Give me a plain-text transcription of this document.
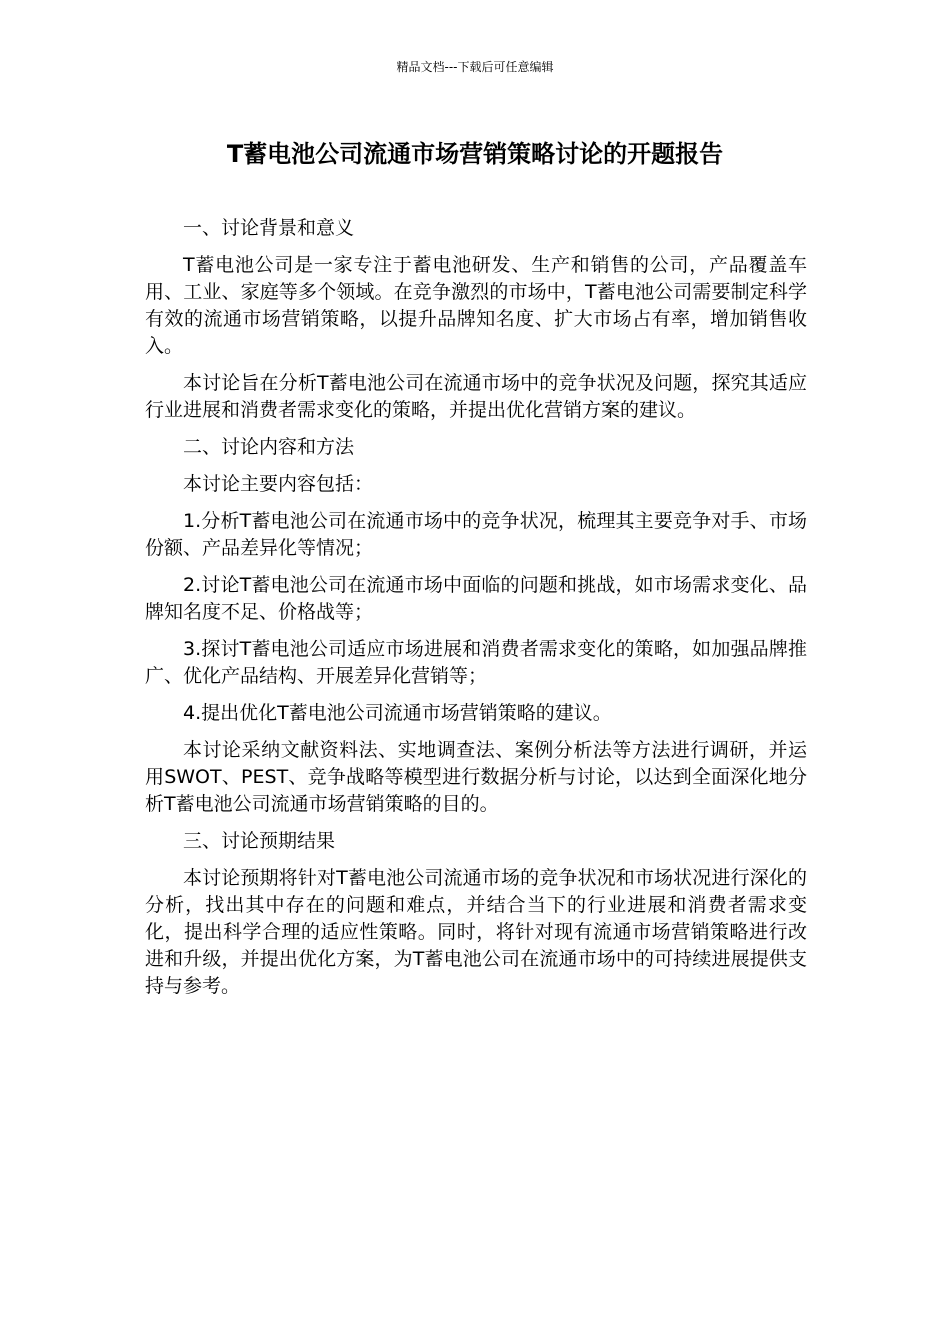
精品文档---下载后可任意编辑
T蓄电池公司流通市场营销策略讨论的开题报告

一、讨论背景和意义

T蓄电池公司是一家专注于蓄电池研发、生产和销售的公司，产品覆盖车用、工业、家庭等多个领域。在竞争激烈的市场中，T蓄电池公司需要制定科学有效的流通市场营销策略，以提升品牌知名度、扩大市场占有率，增加销售收入。

本讨论旨在分析T蓄电池公司在流通市场中的竞争状况及问题，探究其适应行业进展和消费者需求变化的策略，并提出优化营销方案的建议。

二、讨论内容和方法

本讨论主要内容包括：

1.分析T蓄电池公司在流通市场中的竞争状况，梳理其主要竞争对手、市场份额、产品差异化等情况；

2.讨论T蓄电池公司在流通市场中面临的问题和挑战，如市场需求变化、品牌知名度不足、价格战等；

3.探讨T蓄电池公司适应市场进展和消费者需求变化的策略，如加强品牌推广、优化产品结构、开展差异化营销等；

4.提出优化T蓄电池公司流通市场营销策略的建议。

本讨论采纳文献资料法、实地调查法、案例分析法等方法进行调研，并运用SWOT、PEST、竞争战略等模型进行数据分析与讨论，以达到全面深化地分析T蓄电池公司流通市场营销策略的目的。

三、讨论预期结果

本讨论预期将针对T蓄电池公司流通市场的竞争状况和市场状况进行深化的分析，找出其中存在的问题和难点，并结合当下的行业进展和消费者需求变化，提出科学合理的适应性策略。同时，将针对现有流通市场营销策略进行改进和升级，并提出优化方案，为T蓄电池公司在流通市场中的可持续进展提供支持与参考。
